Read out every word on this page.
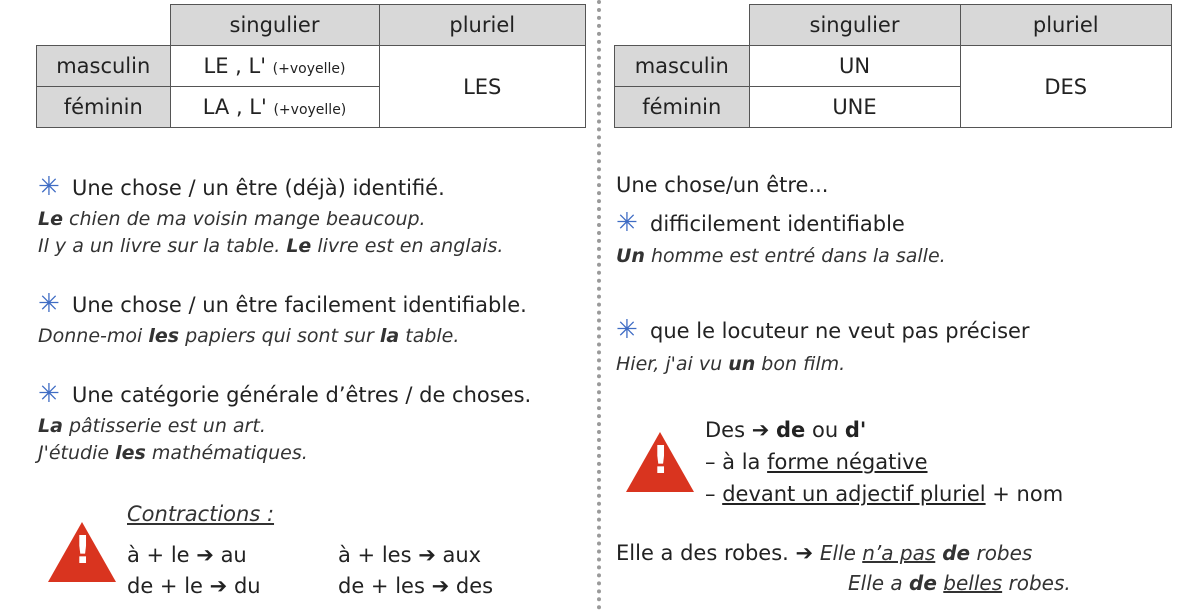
	singulier	pluriel
masculin	LE , L' (+voyelle)	LES
féminin	LA , L' (+voyelle)	
	singulier	pluriel
masculin	UN	DES
féminin	UNE	
✳ Une chose / un être (déjà) identifié.
Le chien de ma voisin mange beaucoup.
Il y a un livre sur la table. Le livre est en anglais.
✳ Une chose / un être facilement identifiable.
Donne-moi les papiers qui sont sur la table.
✳ Une catégorie générale d’êtres / de choses.
La pâtisserie est un art.
J'étudie les mathématiques.
!
Contractions :
à + le ➔ au	à + les ➔ aux
de + le ➔ du	de + les ➔ des
Une chose/un être...
✳ difficilement identifiable
Un homme est entré dans la salle.
✳ que le locuteur ne veut pas préciser
Hier, j'ai vu un bon film.
!
Des ➔ de ou d'
– à la forme négative
– devant un adjectif pluriel + nom
Elle a des robes. ➔ Elle n’a pas de robes
Elle a de belles robes.
